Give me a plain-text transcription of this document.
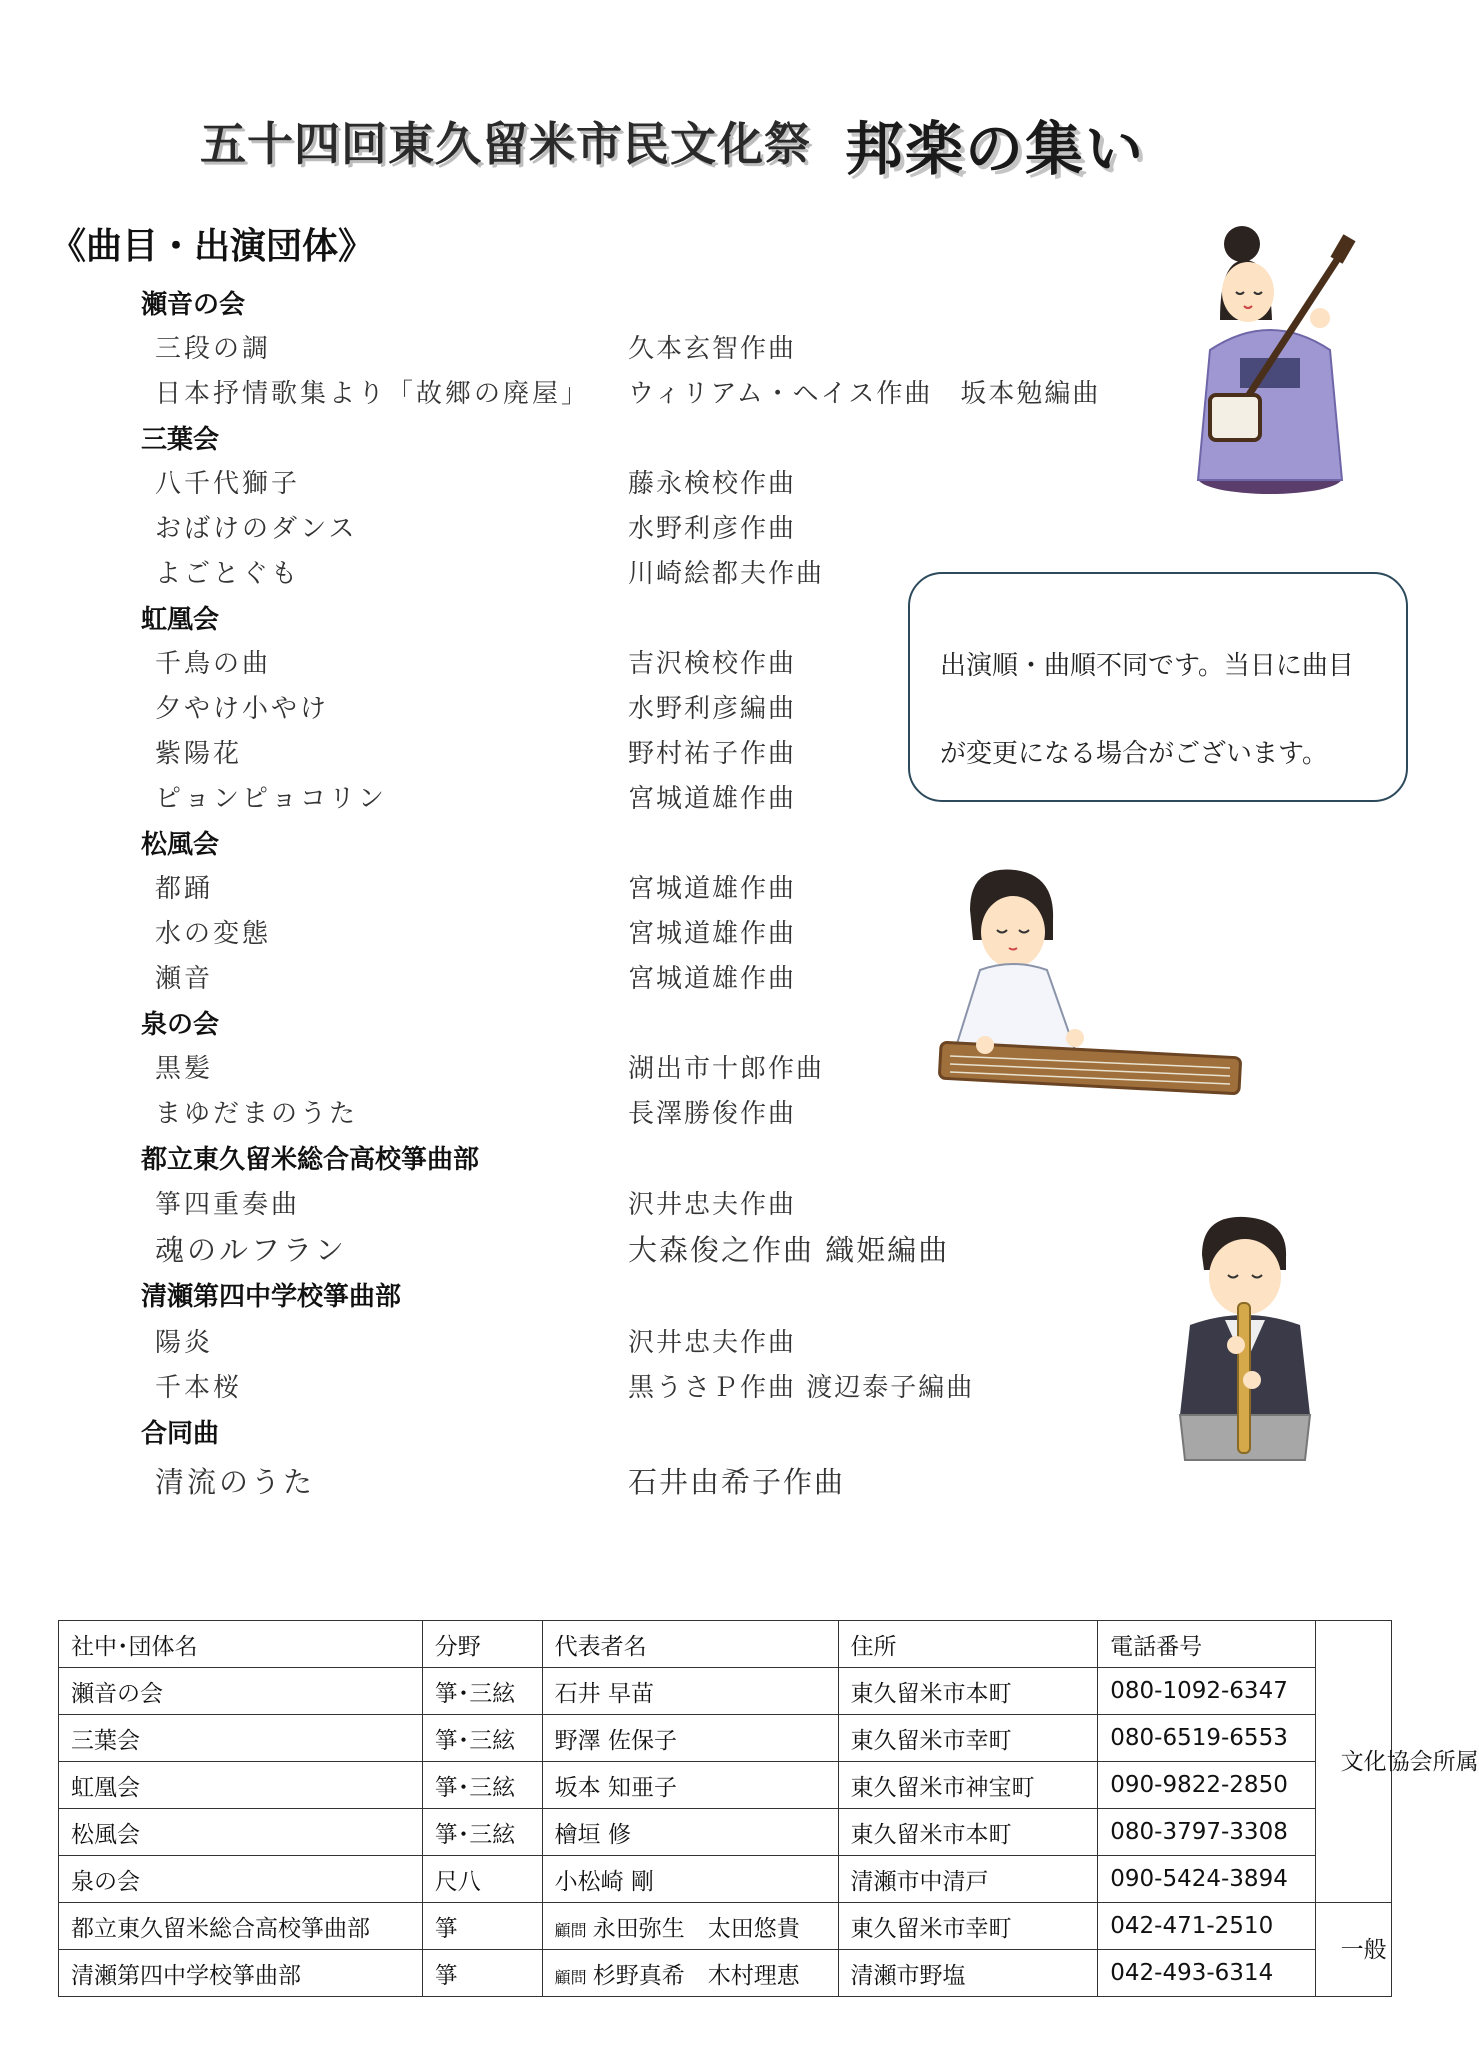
五十四回東久留米市民文化祭 邦楽の集い
《曲目・出演団体》
瀬音の会
三段の調	久本玄智作曲
日本抒情歌集より「故郷の廃屋」 ウィリアム・ヘイス作曲　坂本勉編曲
三葉会
八千代獅子	藤永検校作曲
おばけのダンス	水野利彦作曲
よごとぐも	川崎絵都夫作曲
虹凰会
千鳥の曲	吉沢検校作曲
夕やけ小やけ	水野利彦編曲
紫陽花	野村祐子作曲
ピョンピョコリン	宮城道雄作曲
松風会
都踊	宮城道雄作曲
水の変態	宮城道雄作曲
瀬音	宮城道雄作曲
泉の会
黒髪	湖出市十郎作曲
まゆだまのうた	長澤勝俊作曲
都立東久留米総合高校箏曲部
箏四重奏曲	沢井忠夫作曲
魂のルフラン	大森俊之作曲 織姫編曲
清瀬第四中学校箏曲部
陽炎	沢井忠夫作曲
千本桜	黒うさＰ作曲 渡辺泰子編曲
合同曲
清流のうた	石井由希子作曲
出演順・曲順不同です。当日に曲目
が変更になる場合がございます。
社中･団体名	分野	代表者名	住所	電話番号	文化協会所属
瀬音の会	箏･三絃	石井 早苗	東久留米市本町	080-1092-6347	
三葉会	箏･三絃	野澤 佐保子	東久留米市幸町	080-6519-6553	
虹凰会	箏･三絃	坂本 知亜子	東久留米市神宝町	090-9822-2850	
松風会	箏･三絃	檜垣 修	東久留米市本町	080-3797-3308	
泉の会	尺八	小松崎 剛	清瀬市中清戸	090-5424-3894	
都立東久留米総合高校箏曲部	箏	顧問 永田弥生　太田悠貴	東久留米市幸町	042-471-2510	一般
清瀬第四中学校箏曲部	箏	顧問 杉野真希　木村理恵	清瀬市野塩	042-493-6314	
